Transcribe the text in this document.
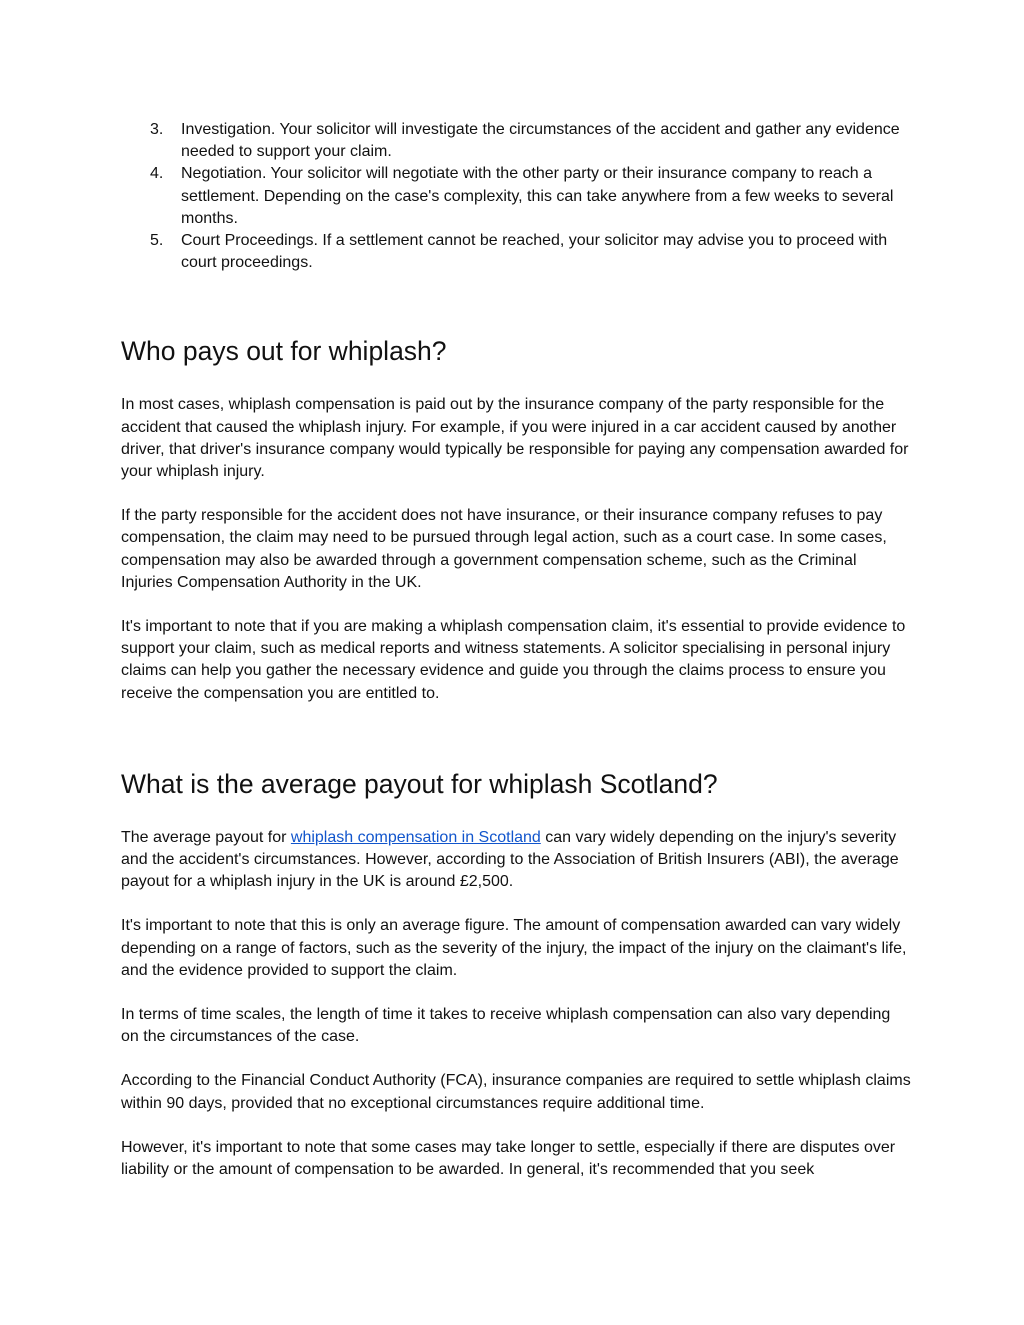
3. Investigation. Your solicitor will investigate the circumstances of the accident and gather any evidence needed to support your claim.
4. Negotiation. Your solicitor will negotiate with the other party or their insurance company to reach a settlement. Depending on the case's complexity, this can take anywhere from a few weeks to several months.
5. Court Proceedings. If a settlement cannot be reached, your solicitor may advise you to proceed with court proceedings.
Who pays out for whiplash?

In most cases, whiplash compensation is paid out by the insurance company of the party responsible for the accident that caused the whiplash injury. For example, if you were injured in a car accident caused by another driver, that driver's insurance company would typically be responsible for paying any compensation awarded for your whiplash injury.

If the party responsible for the accident does not have insurance, or their insurance company refuses to pay compensation, the claim may need to be pursued through legal action, such as a court case. In some cases, compensation may also be awarded through a government compensation scheme, such as the Criminal Injuries Compensation Authority in the UK.

It's important to note that if you are making a whiplash compensation claim, it's essential to provide evidence to support your claim, such as medical reports and witness statements. A solicitor specialising in personal injury claims can help you gather the necessary evidence and guide you through the claims process to ensure you receive the compensation you are entitled to.

What is the average payout for whiplash Scotland?

The average payout for whiplash compensation in Scotland can vary widely depending on the injury's severity and the accident's circumstances. However, according to the Association of British Insurers (ABI), the average payout for a whiplash injury in the UK is around £2,500.

It's important to note that this is only an average figure. The amount of compensation awarded can vary widely depending on a range of factors, such as the severity of the injury, the impact of the injury on the claimant's life, and the evidence provided to support the claim.

In terms of time scales, the length of time it takes to receive whiplash compensation can also vary depending on the circumstances of the case.

According to the Financial Conduct Authority (FCA), insurance companies are required to settle whiplash claims within 90 days, provided that no exceptional circumstances require additional time.

However, it's important to note that some cases may take longer to settle, especially if there are disputes over liability or the amount of compensation to be awarded. In general, it's recommended that you seek
